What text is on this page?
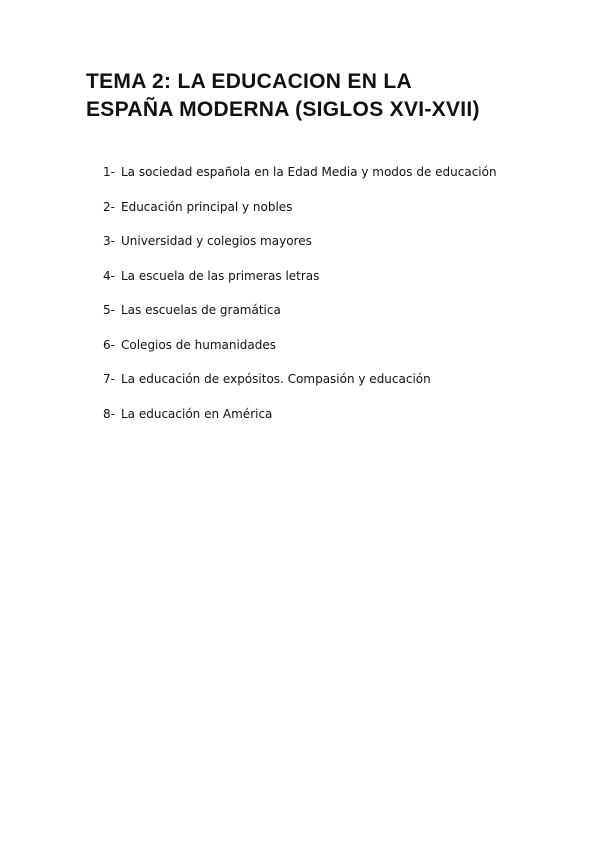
TEMA 2: LA EDUCACION EN LA
ESPAÑA MODERNA (SIGLOS XVI-XVII)
1- La sociedad española en la Edad Media y modos de educación
2- Educación principal y nobles
3- Universidad y colegios mayores
4- La escuela de las primeras letras
5- Las escuelas de gramática
6- Colegios de humanidades
7- La educación de expósitos. Compasión y educación
8- La educación en América
